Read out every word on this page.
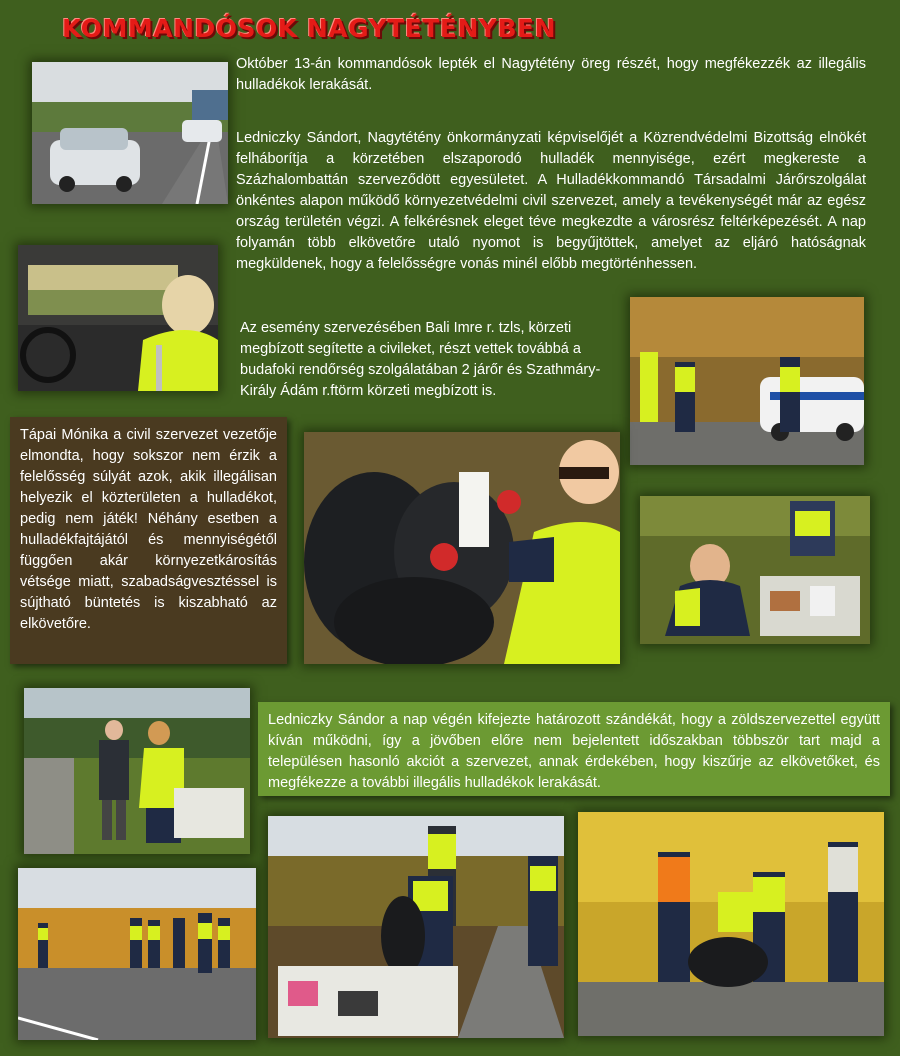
KOMMANDÓSOK NAGYTÉTÉNYBEN

Október 13-án kommandósok lepték el Nagytétény öreg részét, hogy megfékezzék az illegális hulladékok lerakását.

Ledniczky Sándort, Nagytétény önkormányzati képviselőjét a Közrendvédelmi Bizottság elnökét felháborítja a körzetében elszaporodó hulladék mennyisége, ezért megkereste a Százhalombattán szerveződött egyesületet. A Hulladékkommandó Társadalmi Járőrszolgálat önkéntes alapon működő környezetvédelmi civil szervezet, amely a tevékenységét már az egész ország területén végzi. A felkérésnek eleget téve megkezdte a városrész feltérképezését. A nap folyamán több elkövetőre utaló nyomot is begyűjtöttek, amelyet az eljáró hatóságnak megküldenek, hogy a felelősségre vonás minél előbb megtörténhessen.

Az esemény szervezésében Bali Imre r. tzls, körzeti megbízott segítette a civileket, részt vettek továbbá a budafoki rendőrség szolgálatában 2 járőr és Szathmáry-Király Ádám r.ftörm körzeti megbízott is.

Tápai Mónika a civil szervezet vezetője elmondta, hogy sokszor nem érzik a felelősség súlyát azok, akik illegálisan helyezik el közterületen a hulladékot, pedig nem játék! Néhány esetben a hulladékfajtájától és mennyiségétől függően akár környezetkárosítás vétsége miatt, szabadságvesztéssel is sújtható büntetés is kiszabható az elkövetőre.

Ledniczky Sándor a nap végén kifejezte határozott szándékát, hogy a zöldszervezettel együtt kíván működni, így a jövőben előre nem bejelentett időszakban többször tart majd a településen hasonló akciót a szervezet, annak érdekében, hogy kiszűrje az elkövetőket, és megfékezze a további illegális hulladékok lerakását.
